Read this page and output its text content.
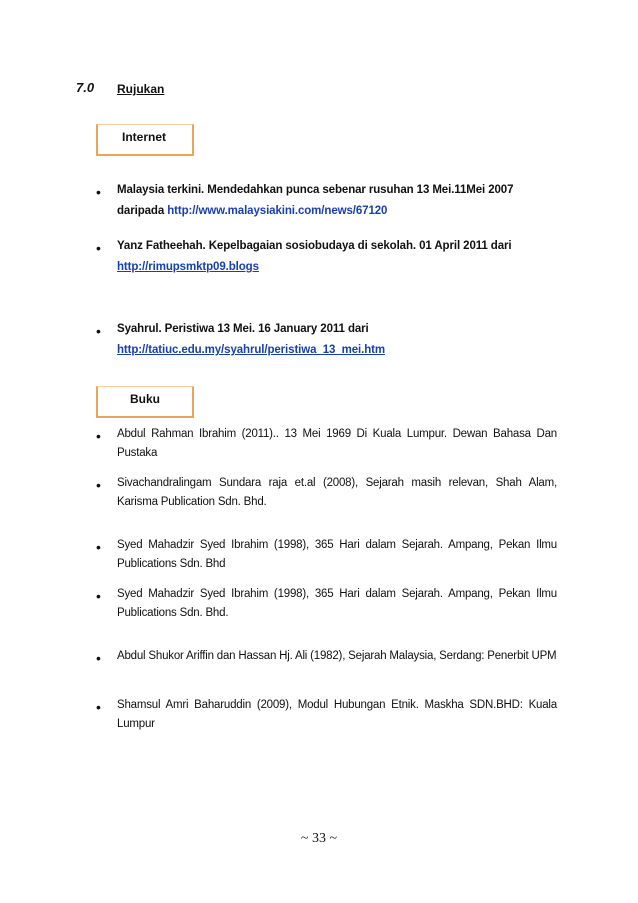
7.0 Rujukan
Internet
• Malaysia terkini. Mendedahkan punca sebenar rusuhan 13 Mei.11Mei 2007
daripada http://www.malaysiakini.com/news/67120
• Yanz Fatheehah. Kepelbagaian sosiobudaya di sekolah. 01 April 2011 dari
http://rimupsmktp09.blogs
• Syahrul. Peristiwa 13 Mei. 16 January 2011 dari
http://tatiuc.edu.my/syahrul/peristiwa_13_mei.htm
Buku
• Abdul Rahman Ibrahim (2011).. 13 Mei 1969 Di Kuala Lumpur. Dewan Bahasa Dan Pustaka
• Sivachandralingam Sundara raja et.al (2008), Sejarah masih relevan, Shah Alam, Karisma Publication Sdn. Bhd.
• Syed Mahadzir Syed Ibrahim (1998), 365 Hari dalam Sejarah. Ampang, Pekan Ilmu Publications Sdn. Bhd
• Syed Mahadzir Syed Ibrahim (1998), 365 Hari dalam Sejarah. Ampang, Pekan Ilmu Publications Sdn. Bhd.
• Abdul Shukor Ariffin dan Hassan Hj. Ali (1982), Sejarah Malaysia, Serdang: Penerbit UPM
• Shamsul Amri Baharuddin (2009), Modul Hubungan Etnik. Maskha SDN.BHD: Kuala Lumpur
~ 33 ~
